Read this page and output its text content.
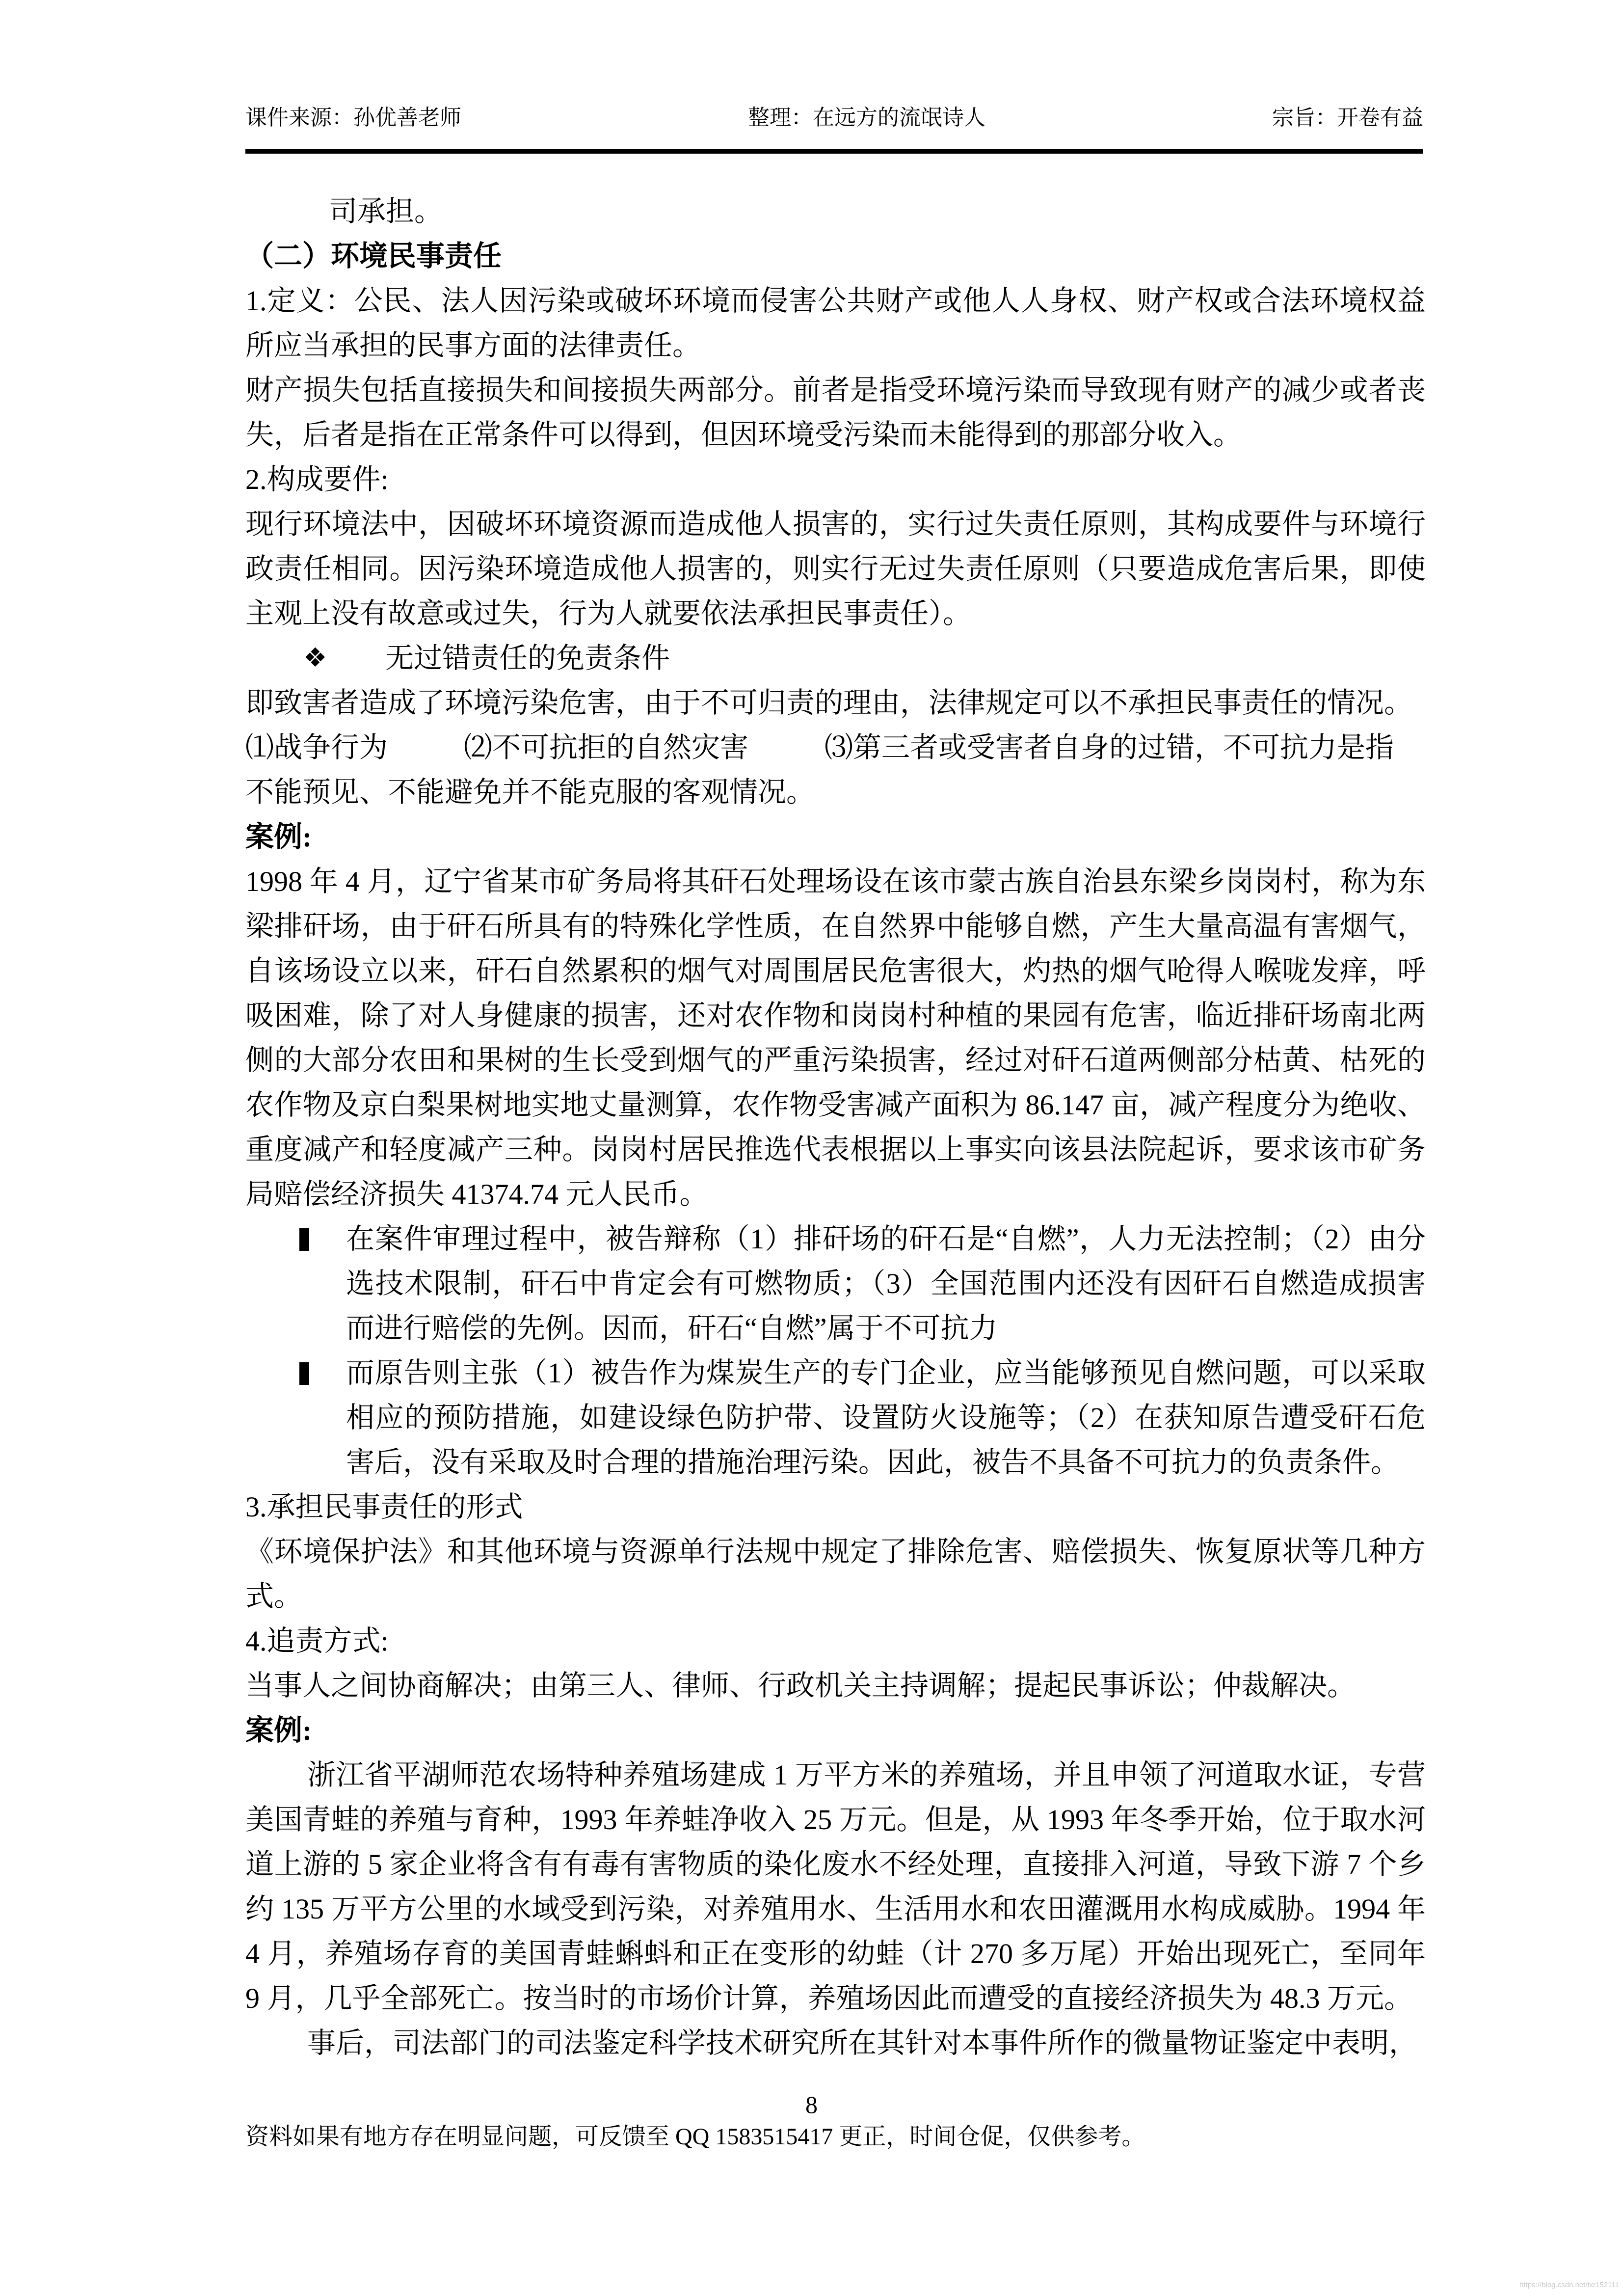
课件来源：孙优善老师	整理：在远方的流氓诗人	宗旨：开卷有益
司承担。
（二）环境民事责任
1.定义：公民、法人因污染或破坏环境而侵害公共财产或他人人身权、财产权或合法环境权益所应当承担的民事方面的法律责任。
财产损失包括直接损失和间接损失两部分。前者是指受环境污染而导致现有财产的减少或者丧失，后者是指在正常条件可以得到，但因环境受污染而未能得到的那部分收入。
2.构成要件:
现行环境法中，因破坏环境资源而造成他人损害的，实行过失责任原则，其构成要件与环境行政责任相同。因污染环境造成他人损害的，则实行无过失责任原则（只要造成危害后果，即使主观上没有故意或过失，行为人就要依法承担民事责任）。
❖ 无过错责任的免责条件
即致害者造成了环境污染危害，由于不可归责的理由，法律规定可以不承担民事责任的情况。
⑴战争行为	⑵不可抗拒的自然灾害	⑶第三者或受害者自身的过错，不可抗力是指
不能预见、不能避免并不能克服的客观情况。
案例:
1998 年 4 月，辽宁省某市矿务局将其矸石处理场设在该市蒙古族自治县东梁乡岗岗村，称为东梁排矸场，由于矸石所具有的特殊化学性质，在自然界中能够自燃，产生大量高温有害烟气，自该场设立以来，矸石自然累积的烟气对周围居民危害很大，灼热的烟气呛得人喉咙发痒，呼吸困难，除了对人身健康的损害，还对农作物和岗岗村种植的果园有危害，临近排矸场南北两侧的大部分农田和果树的生长受到烟气的严重污染损害，经过对矸石道两侧部分枯黄、枯死的农作物及京白梨果树地实地丈量测算，农作物受害减产面积为 86.147 亩，减产程度分为绝收、重度减产和轻度减产三种。岗岗村居民推选代表根据以上事实向该县法院起诉，要求该市矿务局赔偿经济损失 41374.74 元人民币。
在案件审理过程中，被告辩称（1）排矸场的矸石是“自燃”，人力无法控制；（2）由分选技术限制，矸石中肯定会有可燃物质；（3）全国范围内还没有因矸石自燃造成损害而进行赔偿的先例。因而，矸石“自燃”属于不可抗力
而原告则主张（1）被告作为煤炭生产的专门企业，应当能够预见自燃问题，可以采取相应的预防措施，如建设绿色防护带、设置防火设施等；（2）在获知原告遭受矸石危害后，没有采取及时合理的措施治理污染。因此，被告不具备不可抗力的负责条件。
3.承担民事责任的形式
《环境保护法》和其他环境与资源单行法规中规定了排除危害、赔偿损失、恢复原状等几种方式。
4.追责方式:
当事人之间协商解决；由第三人、律师、行政机关主持调解；提起民事诉讼；仲裁解决。
案例:
浙江省平湖师范农场特种养殖场建成 1 万平方米的养殖场，并且申领了河道取水证，专营美国青蛙的养殖与育种，1993 年养蛙净收入 25 万元。但是，从 1993 年冬季开始，位于取水河道上游的 5 家企业将含有有毒有害物质的染化废水不经处理，直接排入河道，导致下游 7 个乡约 135 万平方公里的水域受到污染，对养殖用水、生活用水和农田灌溉用水构成威胁。1994 年 4 月，养殖场存育的美国青蛙蝌蚪和正在变形的幼蛙（计 270 多万尾）开始出现死亡，至同年 9 月，几乎全部死亡。按当时的市场价计算，养殖场因此而遭受的直接经济损失为 48.3 万元。
事后，司法部门的司法鉴定科学技术研究所在其针对本事件所作的微量物证鉴定中表明，
8
资料如果有地方存在明显问题，可反馈至 QQ 1583515417 更正，时间仓促，仅供参考。
https://blog.csdn.net/txr152111
